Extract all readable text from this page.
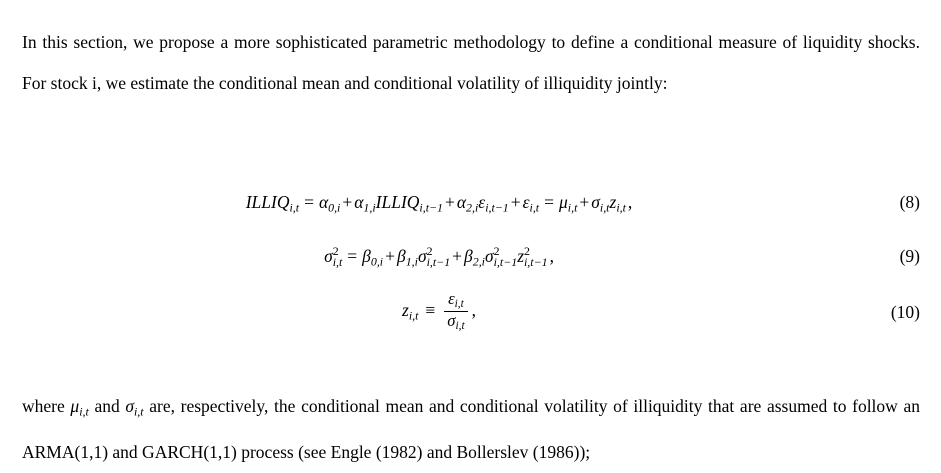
In this section, we propose a more sophisticated parametric methodology to define a conditional measure of liquidity shocks. For stock i, we estimate the conditional mean and conditional volatility of illiquidity jointly:

$ILLIQ_{i,t} = \alpha_{0,i}$ + $\alpha_{1,i}ILLIQ_{i,t-1} + \alpha_{2,i}\varepsilon_{i,t-1} + \varepsilon_{i,t} = \mu_{i,t} + \sigma_{i,t}z_{i,t}$ ,	(8)
σ 2
$i,t = \beta_{0,i} + \beta_{1,i}\sigma$ 2
$i,t-1 + \beta_{2,i}\sigma$ 2
i,t−1 z 2
i,t−1 ,	(9)
$z_{i,t} \equiv \frac{\varepsilon_{i,t}}{\sigma_{i,t}}$ ,	(10)

where $\mu_{i,t}$ and $\sigma_{i,t}$ are, respectively, the conditional mean and conditional volatility of illiquidity that are assumed to follow an ARMA(1,1) and GARCH(1,1) process (see Engle (1982) and Bollerslev (1986));
